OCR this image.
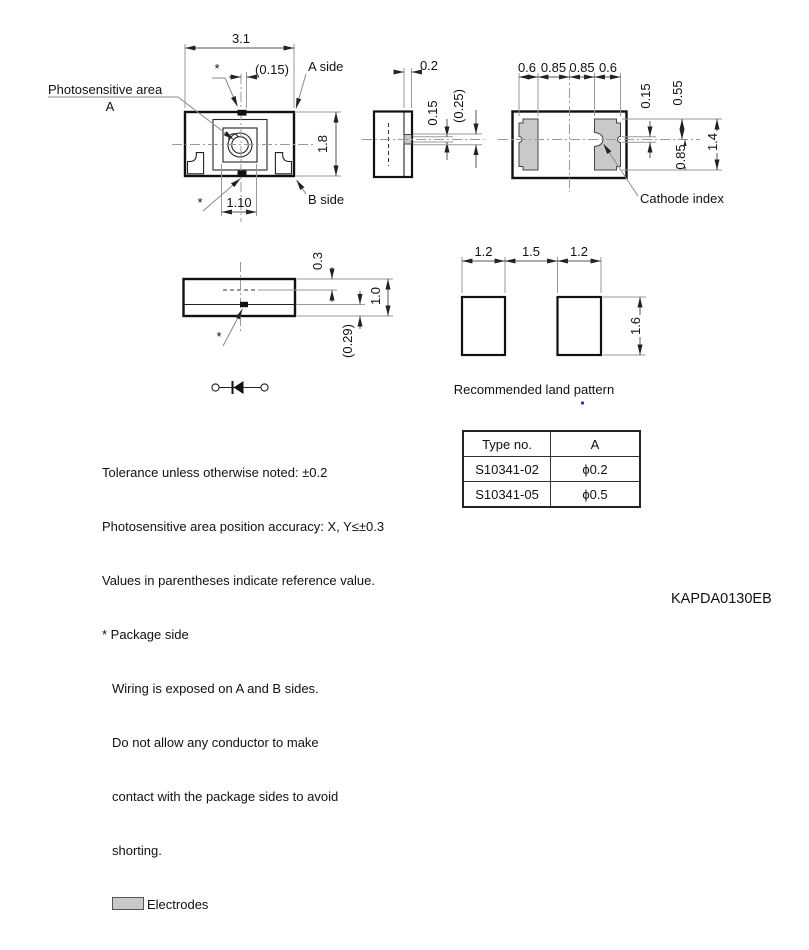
3.1
(0.15)
*
1.8
1.10
*
A side
B side
Photosensitive area
A
0.2
0.15 (0.25)
0.6 0.85 0.85 0.6
0.15 0.55
0.85
1.4
Cathode index
0.3
1.0
(0.29)
*
1.2 1.5 1.2
1.6
Recommended land pattern

Tolerance unless otherwise noted: ±0.2

Photosensitive area position accuracy: X, Y≤±0.3

Values in parentheses indicate reference value.

* Package side

Wiring is exposed on A and B sides.

Do not allow any conductor to make

contact with the package sides to avoid

shorting.

Electrodes

Type no.	A
S10341-02	ϕ0.2
S10341-05	ϕ0.5
KAPDA0130EB
